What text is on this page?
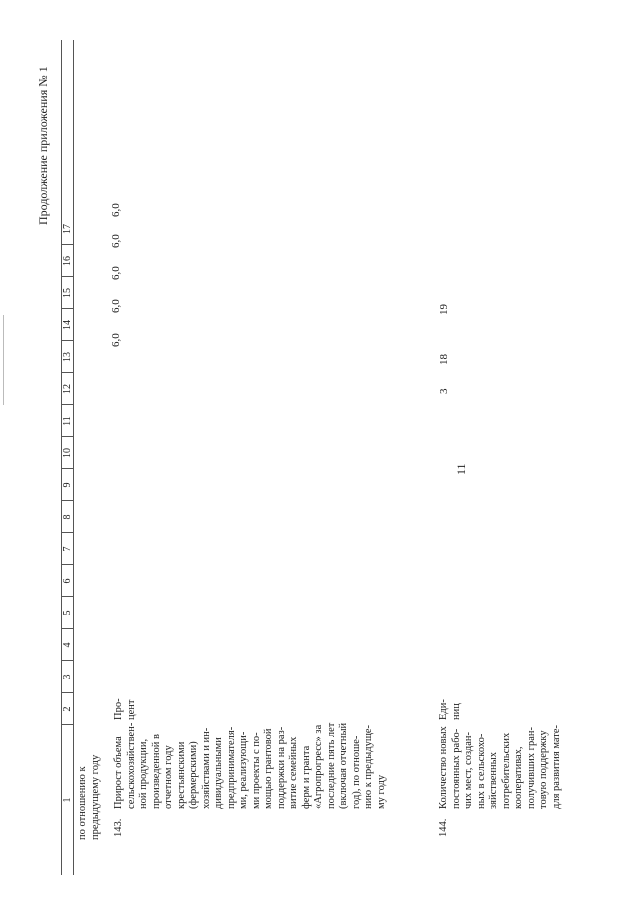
11
Продолжение приложения № 1
1
2
3
4
5
6
7
8
9
10
11
12
13
14
15
16
17
по отношению к предыдущему году 143.

Про- цент
6,0
6,0
6,0
6,0
6,0
144.
Еди- ниц
3
18
19
Прирост объема сельскохозяйствен- ной продукции, произведенной в отчетном году крестьянскими (фермерскими) хозяйствами и ин- дивидуальными предпринимателя- ми, реализующи- ми проекты с по- мощью грантовой поддержки на раз- витие семейных ферм и гранта «Агропрогресс» за последние пять лет (включая отчетный год), по отноше- нию к предыдуще- му году	Количество новых постоянных рабо- чих мест, создан- ных в сельскохо- зяйственных потребительских кооперативах, получивших гран- товую поддержку для развития мате-
